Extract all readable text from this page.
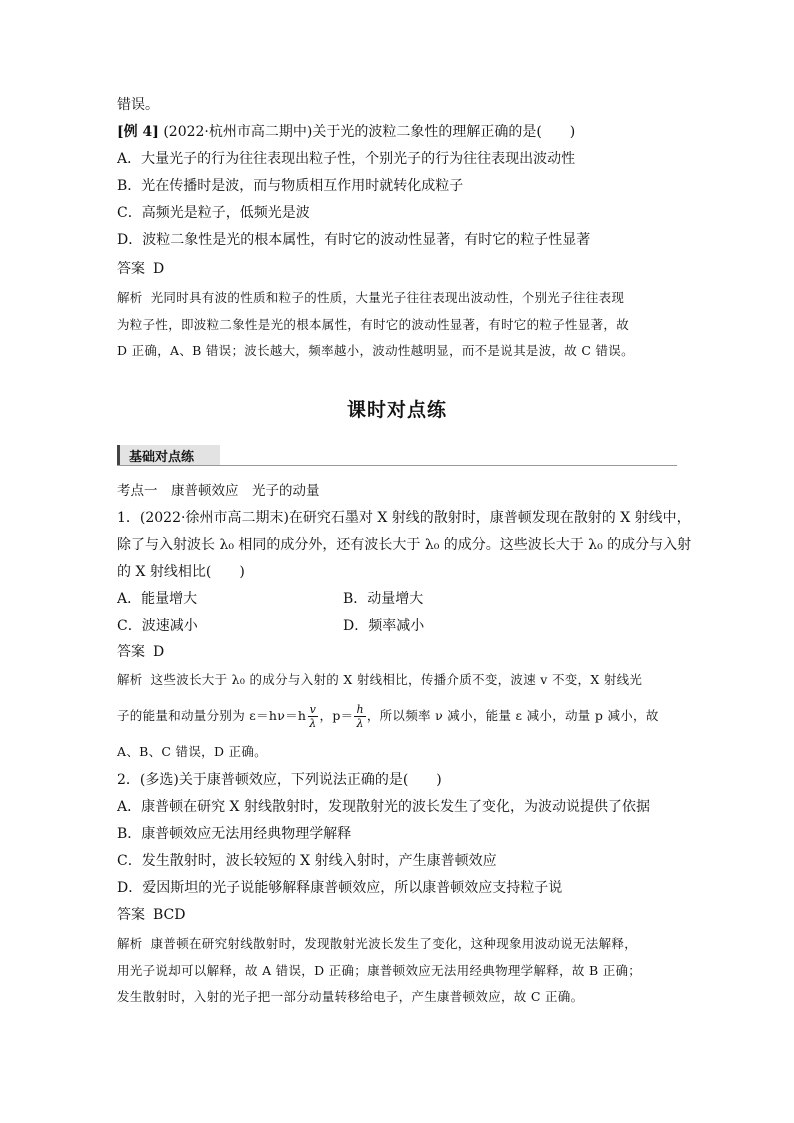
错误。
[例 4] (2022·杭州市高二期中)关于光的波粒二象性的理解正确的是(　　)
A．大量光子的行为往往表现出粒子性，个别光子的行为往往表现出波动性
B．光在传播时是波，而与物质相互作用时就转化成粒子
C．高频光是粒子，低频光是波
D．波粒二象性是光的根本属性，有时它的波动性显著，有时它的粒子性显著
答案 D
解析 光同时具有波的性质和粒子的性质，大量光子往往表现出波动性，个别光子往往表现
为粒子性，即波粒二象性是光的根本属性，有时它的波动性显著，有时它的粒子性显著，故
D 正确，A、B 错误；波长越大，频率越小，波动性越明显，而不是说其是波，故 C 错误。
课时对点练
基础对点练
考点一　康普顿效应　光子的动量
1．(2022·徐州市高二期末)在研究石墨对 X 射线的散射时，康普顿发现在散射的 X 射线中，
除了与入射波长 λ₀ 相同的成分外，还有波长大于 λ₀ 的成分。这些波长大于 λ₀ 的成分与入射
的 X 射线相比(　　)
A．能量增大	B．动量增大
C．波速减小	D．频率减小
答案 D
解析 这些波长大于 λ₀ 的成分与入射的 X 射线相比，传播介质不变，波速 v 不变，X 射线光
子的能量和动量分别为 $\varepsilon=h\nu=h \frac{v}{\lambda}$ ，$p= \frac{h}{\lambda}$ ，所以频率 ν 减小，能量 ε 减小，动量 p 减小，故
A、B、C 错误，D 正确。
2．(多选)关于康普顿效应，下列说法正确的是(　　)
A．康普顿在研究 X 射线散射时，发现散射光的波长发生了变化，为波动说提供了依据
B．康普顿效应无法用经典物理学解释
C．发生散射时，波长较短的 X 射线入射时，产生康普顿效应
D．爱因斯坦的光子说能够解释康普顿效应，所以康普顿效应支持粒子说
答案 BCD
解析 康普顿在研究射线散射时，发现散射光波长发生了变化，这种现象用波动说无法解释，
用光子说却可以解释，故 A 错误，D 正确；康普顿效应无法用经典物理学解释，故 B 正确；
发生散射时，入射的光子把一部分动量转移给电子，产生康普顿效应，故 C 正确。
